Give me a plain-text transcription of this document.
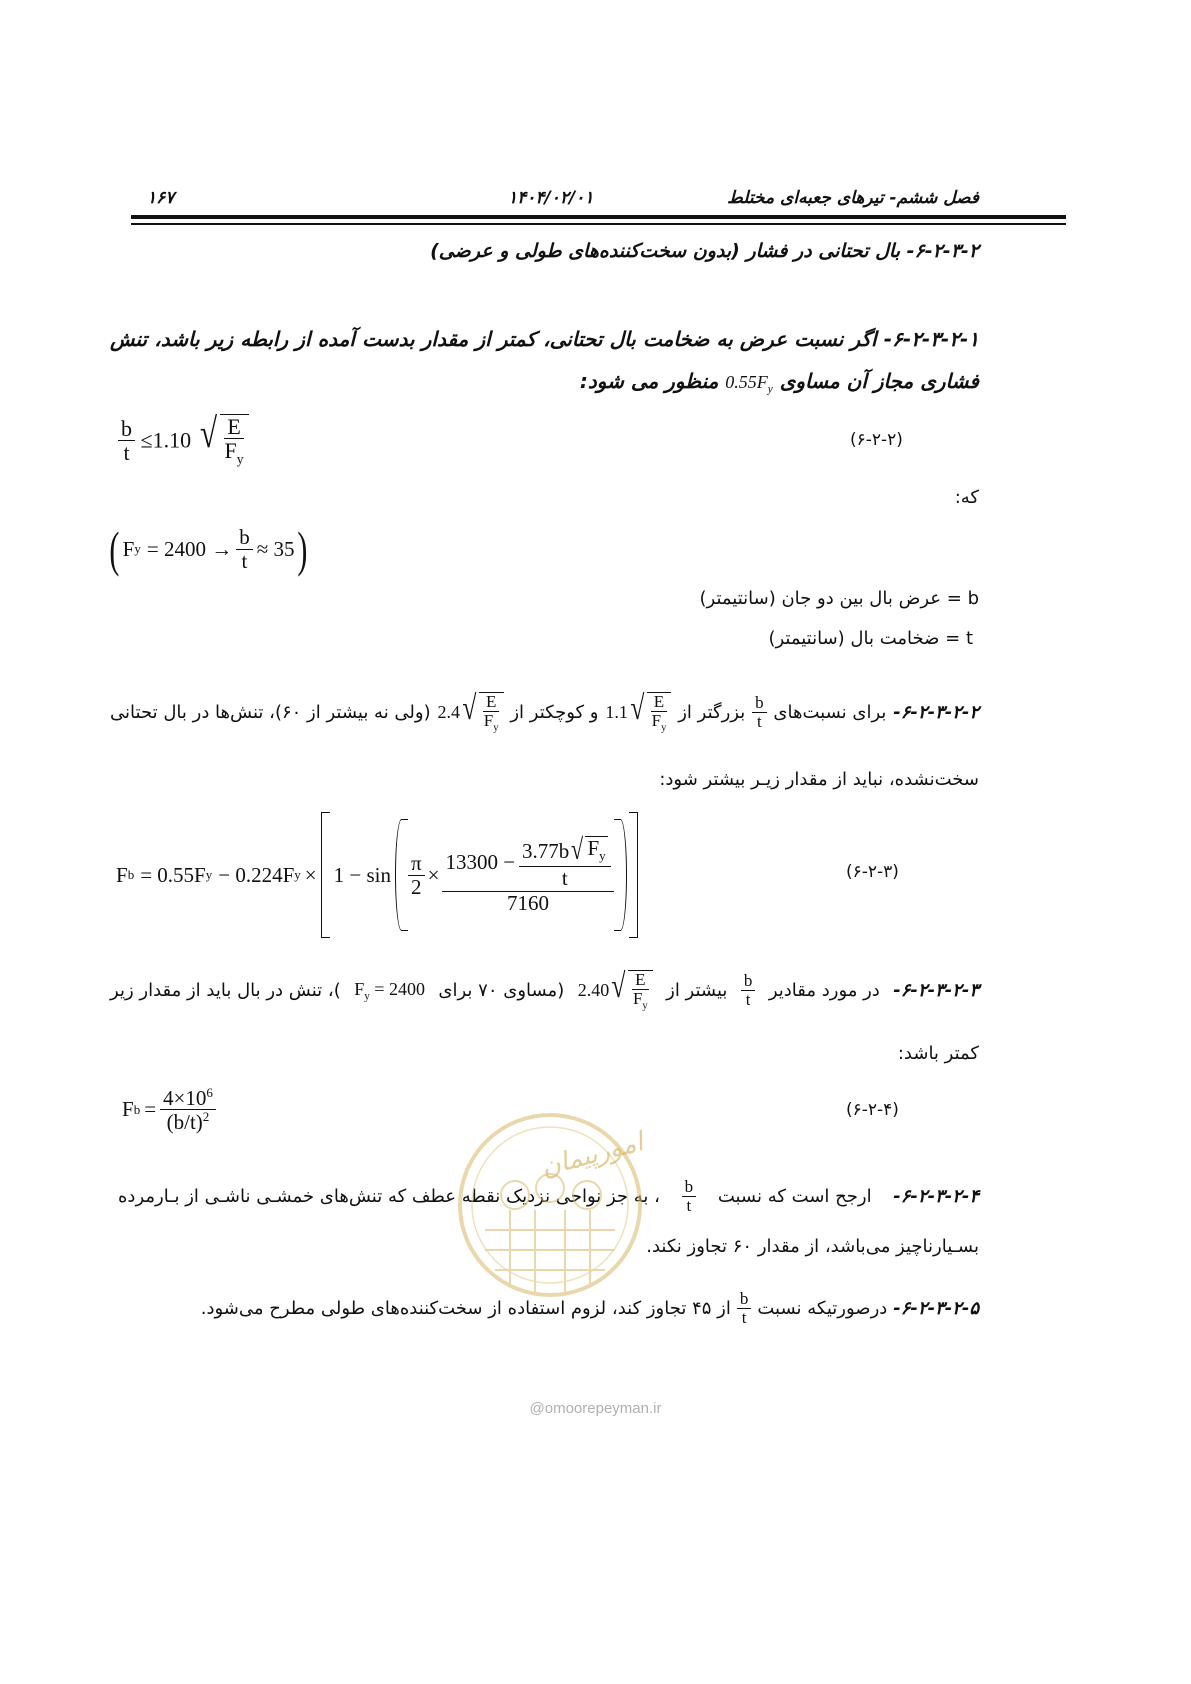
۱۶۷	۱۴۰۴/۰۲/۰۱	فصل ششم- تیرهای جعبه‌ای مختلط
۶-۲-۳-۲- بال تحتانی در فشار (بدون سخت‌کننده‌های طولی و عرضی)
۶-۲-۳-۲-۱- اگر نسبت عرض به ضخامت بال تحتانی، کمتر از مقدار بدست آمده از رابطه زیر باشد، تنش
فشاری مجاز آن مساوی $0.55F_y$ منظور می شود:
$\frac{b}{t} \le 1.10$ √ $\frac{E}{F_y}$	(۶-۲-۲)
که:
( F $y = 2400 \to \frac{b}{t} \approx 35$ )
b = عرض بال بین دو جان (سانتیمتر)
t = ضخامت بال (سانتیمتر)
۶-۲-۳-۲-۲-
برای نسبت‌های
$\frac{b}{t}$
بزرگتر از
1.1 √ $\frac{E}{F_y}$
و کوچکتر از
2.4 √ $\frac{E}{F_y}$
(ولی نه بیشتر از ۶۰)، تنش‌ها در بال تحتانی
سخت‌نشده، نباید از مقدار زیـر بیشتر شود:
F b = 0.55F y − 0.224F $y \times 1 - \sin \frac{\pi}{2} \times \frac{13300 - \frac{3.77b √ F_y}{t}}{7160}$	(۶-۲-۳)
۶-۲-۳-۲-۳-
در مورد مقادیر
$\frac{b}{t}$
بیشتر از
2.40 √ $\frac{E}{F_y}$
(مساوی ۷۰ برای
$F_y = 2400$
)، تنش در بال باید از مقدار زیر
کمتر باشد:
F $b = \frac{4\times 10^6}{(b/t)^2}$	(۶-۲-۴)
۶-۲-۳-۲-۴-
ارجح است که نسبت
$\frac{b}{t}$
، به جز نواحی نزدیک نقطه عطف که تنش‌های خمشـی ناشـی از بـارمرده
بسـیارناچیز می‌باشد، از مقدار ۶۰ تجاوز نکند.
امورپیمان
۶-۲-۳-۲-۵-
درصورتیکه نسبت
$\frac{b}{t}$
از ۴۵ تجاوز کند، لزوم استفاده از سخت‌کننده‌های طولی مطرح می‌شود.
@omoorepeyman.ir
